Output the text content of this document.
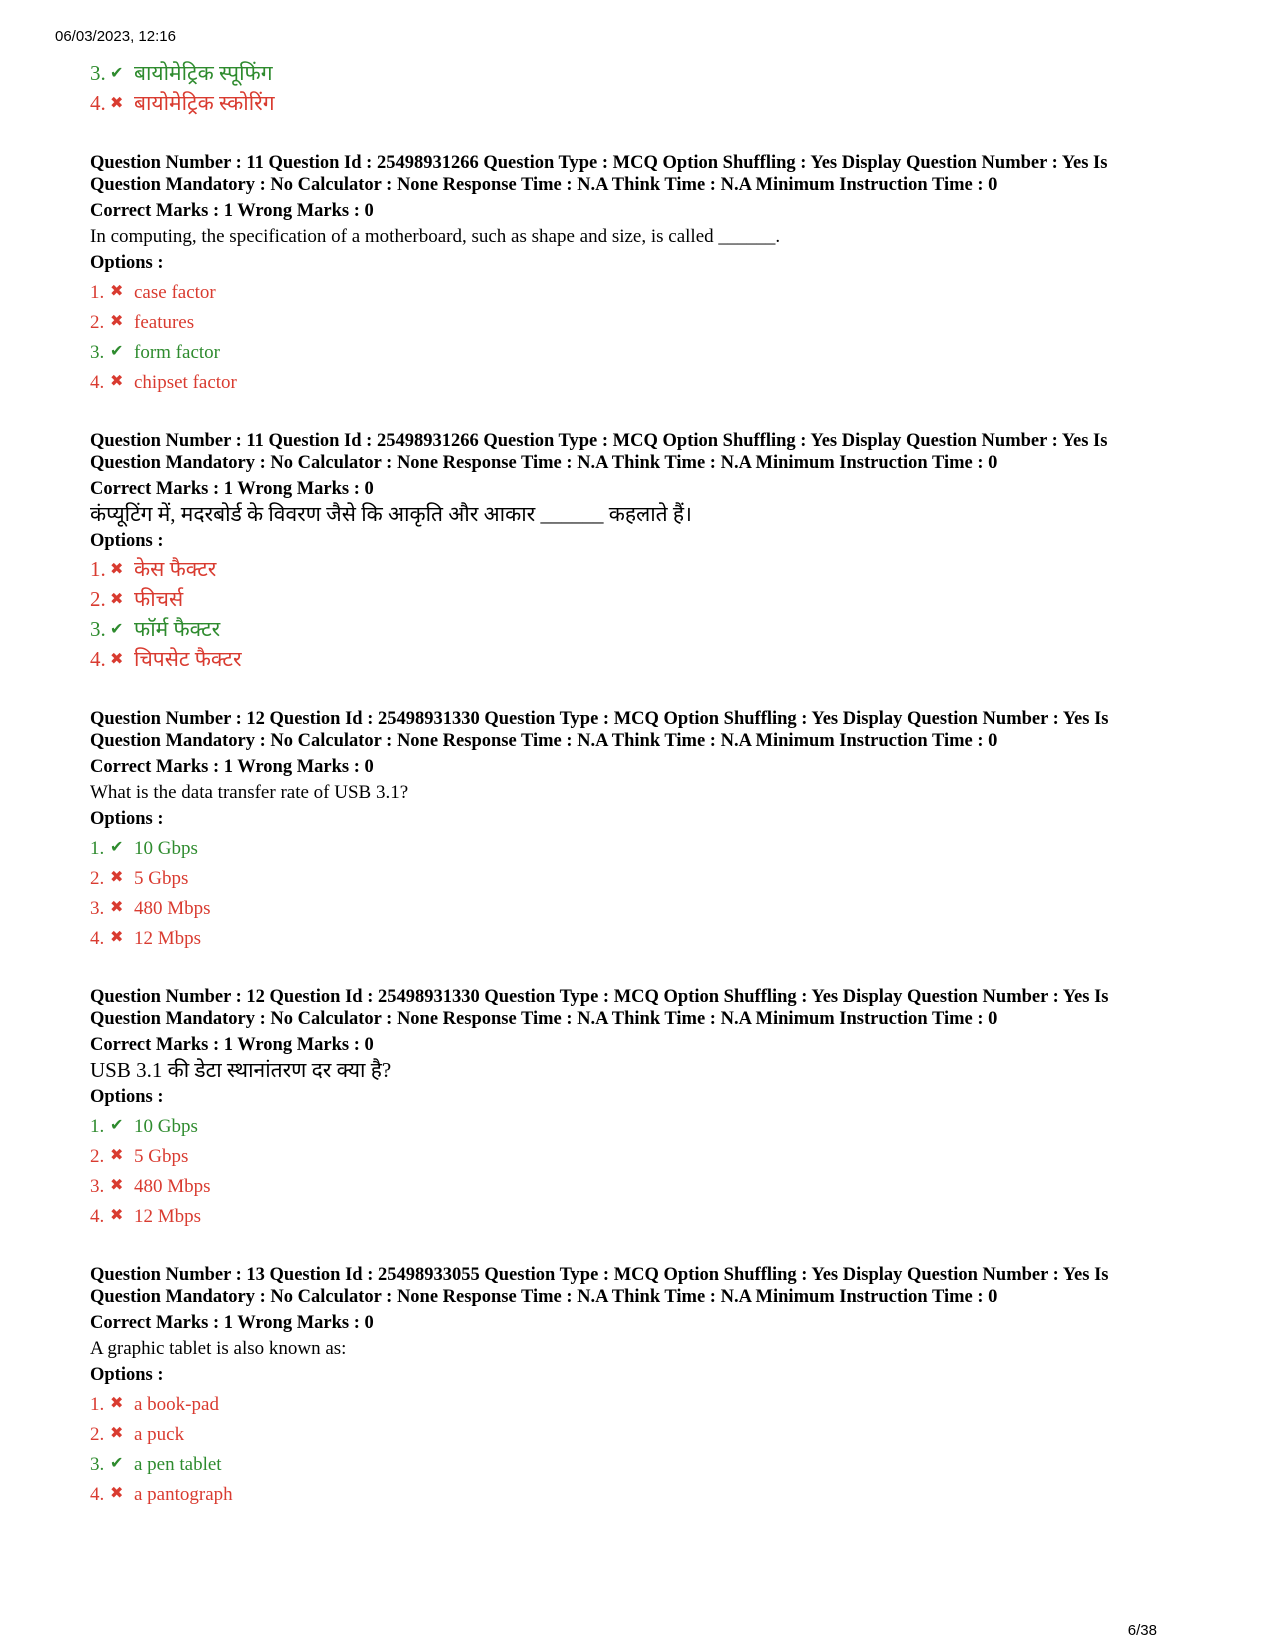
06/03/2023, 12:16
3. ✔ बायोमेट्रिक स्पूफिंग
4. ✖ बायोमेट्रिक स्कोरिंग
Question Number : 11 Question Id : 25498931266 Question Type : MCQ Option Shuffling : Yes Display Question Number : Yes Is
Question Mandatory : No Calculator : None Response Time : N.A Think Time : N.A Minimum Instruction Time : 0
Correct Marks : 1 Wrong Marks : 0
In computing, the specification of a motherboard, such as shape and size, is called ______.
Options :
1. ✖ case factor
2. ✖ features
3. ✔ form factor
4. ✖ chipset factor
Question Number : 11 Question Id : 25498931266 Question Type : MCQ Option Shuffling : Yes Display Question Number : Yes Is
Question Mandatory : No Calculator : None Response Time : N.A Think Time : N.A Minimum Instruction Time : 0
Correct Marks : 1 Wrong Marks : 0
कंप्यूटिंग में, मदरबोर्ड के विवरण जैसे कि आकृति और आकार ______ कहलाते हैं।
Options :
1. ✖ केस फैक्टर
2. ✖ फीचर्स
3. ✔ फॉर्म फैक्टर
4. ✖ चिपसेट फैक्टर
Question Number : 12 Question Id : 25498931330 Question Type : MCQ Option Shuffling : Yes Display Question Number : Yes Is
Question Mandatory : No Calculator : None Response Time : N.A Think Time : N.A Minimum Instruction Time : 0
Correct Marks : 1 Wrong Marks : 0
What is the data transfer rate of USB 3.1?
Options :
1. ✔ 10 Gbps
2. ✖ 5 Gbps
3. ✖ 480 Mbps
4. ✖ 12 Mbps
Question Number : 12 Question Id : 25498931330 Question Type : MCQ Option Shuffling : Yes Display Question Number : Yes Is
Question Mandatory : No Calculator : None Response Time : N.A Think Time : N.A Minimum Instruction Time : 0
Correct Marks : 1 Wrong Marks : 0
USB 3.1 की डेटा स्थानांतरण दर क्या है?
Options :
1. ✔ 10 Gbps
2. ✖ 5 Gbps
3. ✖ 480 Mbps
4. ✖ 12 Mbps
Question Number : 13 Question Id : 25498933055 Question Type : MCQ Option Shuffling : Yes Display Question Number : Yes Is
Question Mandatory : No Calculator : None Response Time : N.A Think Time : N.A Minimum Instruction Time : 0
Correct Marks : 1 Wrong Marks : 0
A graphic tablet is also known as:
Options :
1. ✖ a book-pad
2. ✖ a puck
3. ✔ a pen tablet
4. ✖ a pantograph
6/38
